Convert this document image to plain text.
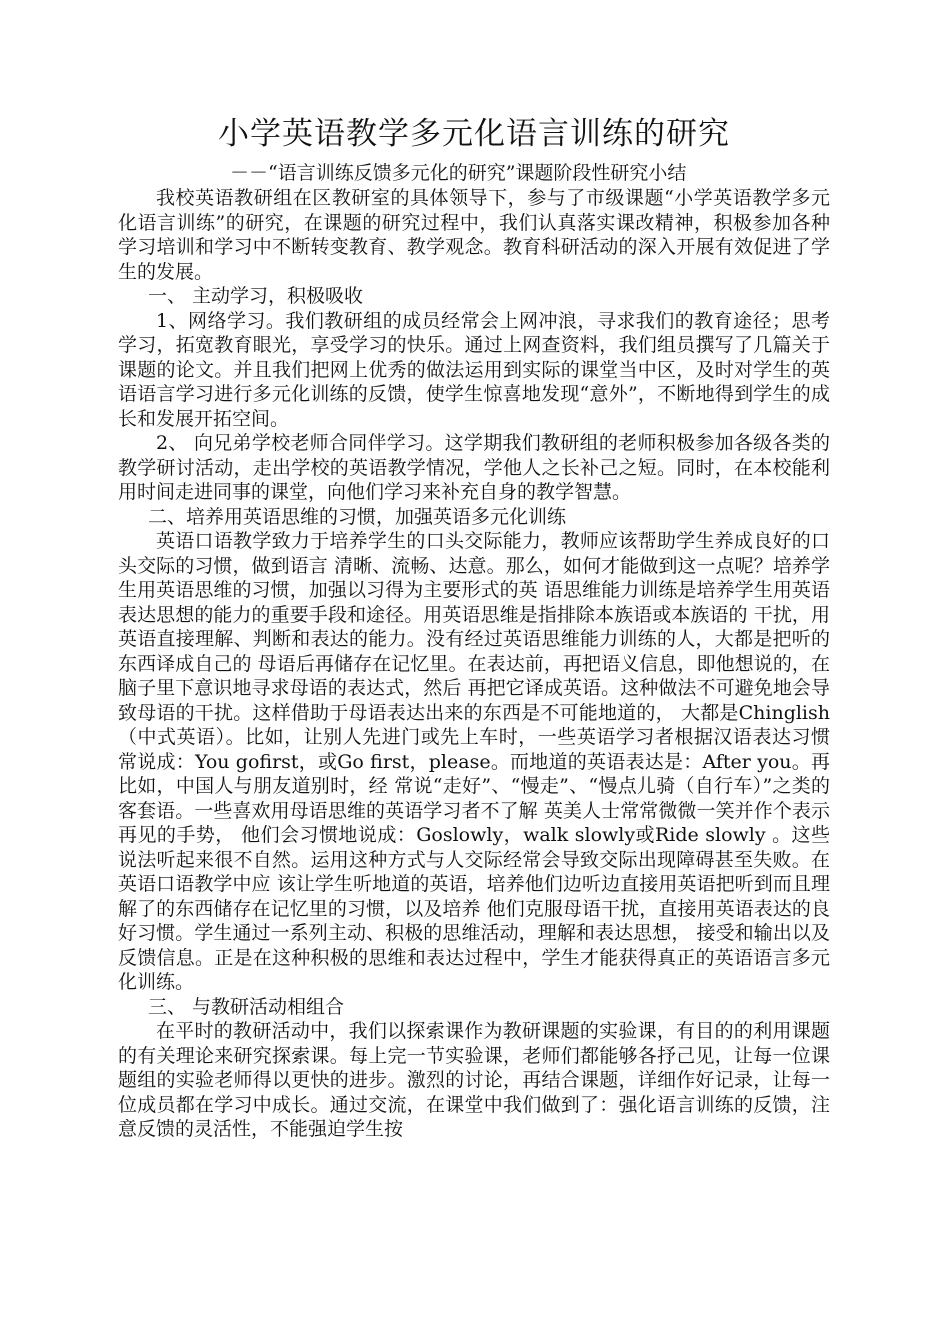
小学英语教学多元化语言训练的研究
－－“语言训练反馈多元化的研究”课题阶段性研究小结

我校英语教研组在区教研室的具体领导下，参与了市级课题“小学英语教学多元化语言训练”的研究，在课题的研究过程中，我们认真落实课改精神，积极参加各种学习培训和学习中不断转变教育、教学观念。教育科研活动的深入开展有效促进了学生的发展。

一、 主动学习，积极吸收

1、网络学习。我们教研组的成员经常会上网冲浪，寻求我们的教育途径；思考学习，拓宽教育眼光，享受学习的快乐。通过上网查资料，我们组员撰写了几篇关于课题的论文。并且我们把网上优秀的做法运用到实际的课堂当中区，及时对学生的英语语言学习进行多元化训练的反馈，使学生惊喜地发现“意外”，不断地得到学生的成长和发展开拓空间。

2、 向兄弟学校老师合同伴学习。这学期我们教研组的老师积极参加各级各类的教学研讨活动，走出学校的英语教学情况，学他人之长补己之短。同时，在本校能利用时间走进同事的课堂，向他们学习来补充自身的教学智慧。

二、培养用英语思维的习惯，加强英语多元化训练

英语口语教学致力于培养学生的口头交际能力，教师应该帮助学生养成良好的口头交际的习惯，做到语言 清晰、流畅、达意。那么，如何才能做到这一点呢？培养学生用英语思维的习惯，加强以习得为主要形式的英 语思维能力训练是培养学生用英语表达思想的能力的重要手段和途径。用英语思维是指排除本族语或本族语的 干扰，用英语直接理解、判断和表达的能力。没有经过英语思维能力训练的人，大都是把听的东西译成自己的 母语后再储存在记忆里。在表达前，再把语义信息，即他想说的，在脑子里下意识地寻求母语的表达式，然后 再把它译成英语。这种做法不可避免地会导致母语的干扰。这样借助于母语表达出来的东西是不可能地道的， 大都是Chinglish（中式英语）。比如，让别人先进门或先上车时，一些英语学习者根据汉语表达习惯常说成：You gofirst，或Go first，please。而地道的英语表达是：After you。再比如，中国人与朋友道别时，经 常说“走好”、“慢走”、“慢点儿骑（自行车）”之类的客套语。一些喜欢用母语思维的英语学习者不了解 英美人士常常微微一笑并作个表示再见的手势， 他们会习惯地说成：Goslowly，walk slowly或Ride slowly 。这些说法听起来很不自然。运用这种方式与人交际经常会导致交际出现障碍甚至失败。在英语口语教学中应 该让学生听地道的英语，培养他们边听边直接用英语把听到而且理解了的东西储存在记忆里的习惯，以及培养 他们克服母语干扰，直接用英语表达的良好习惯。学生通过一系列主动、积极的思维活动，理解和表达思想， 接受和输出以及反馈信息。正是在这种积极的思维和表达过程中，学生才能获得真正的英语语言多元化训练。

三、 与教研活动相组合

在平时的教研活动中，我们以探索课作为教研课题的实验课，有目的的利用课题的有关理论来研究探索课。每上完一节实验课，老师们都能够各抒己见，让每一位课题组的实验老师得以更快的进步。激烈的讨论，再结合课题，详细作好记录，让每一位成员都在学习中成长。通过交流，在课堂中我们做到了：强化语言训练的反馈，注意反馈的灵活性，不能强迫学生按
